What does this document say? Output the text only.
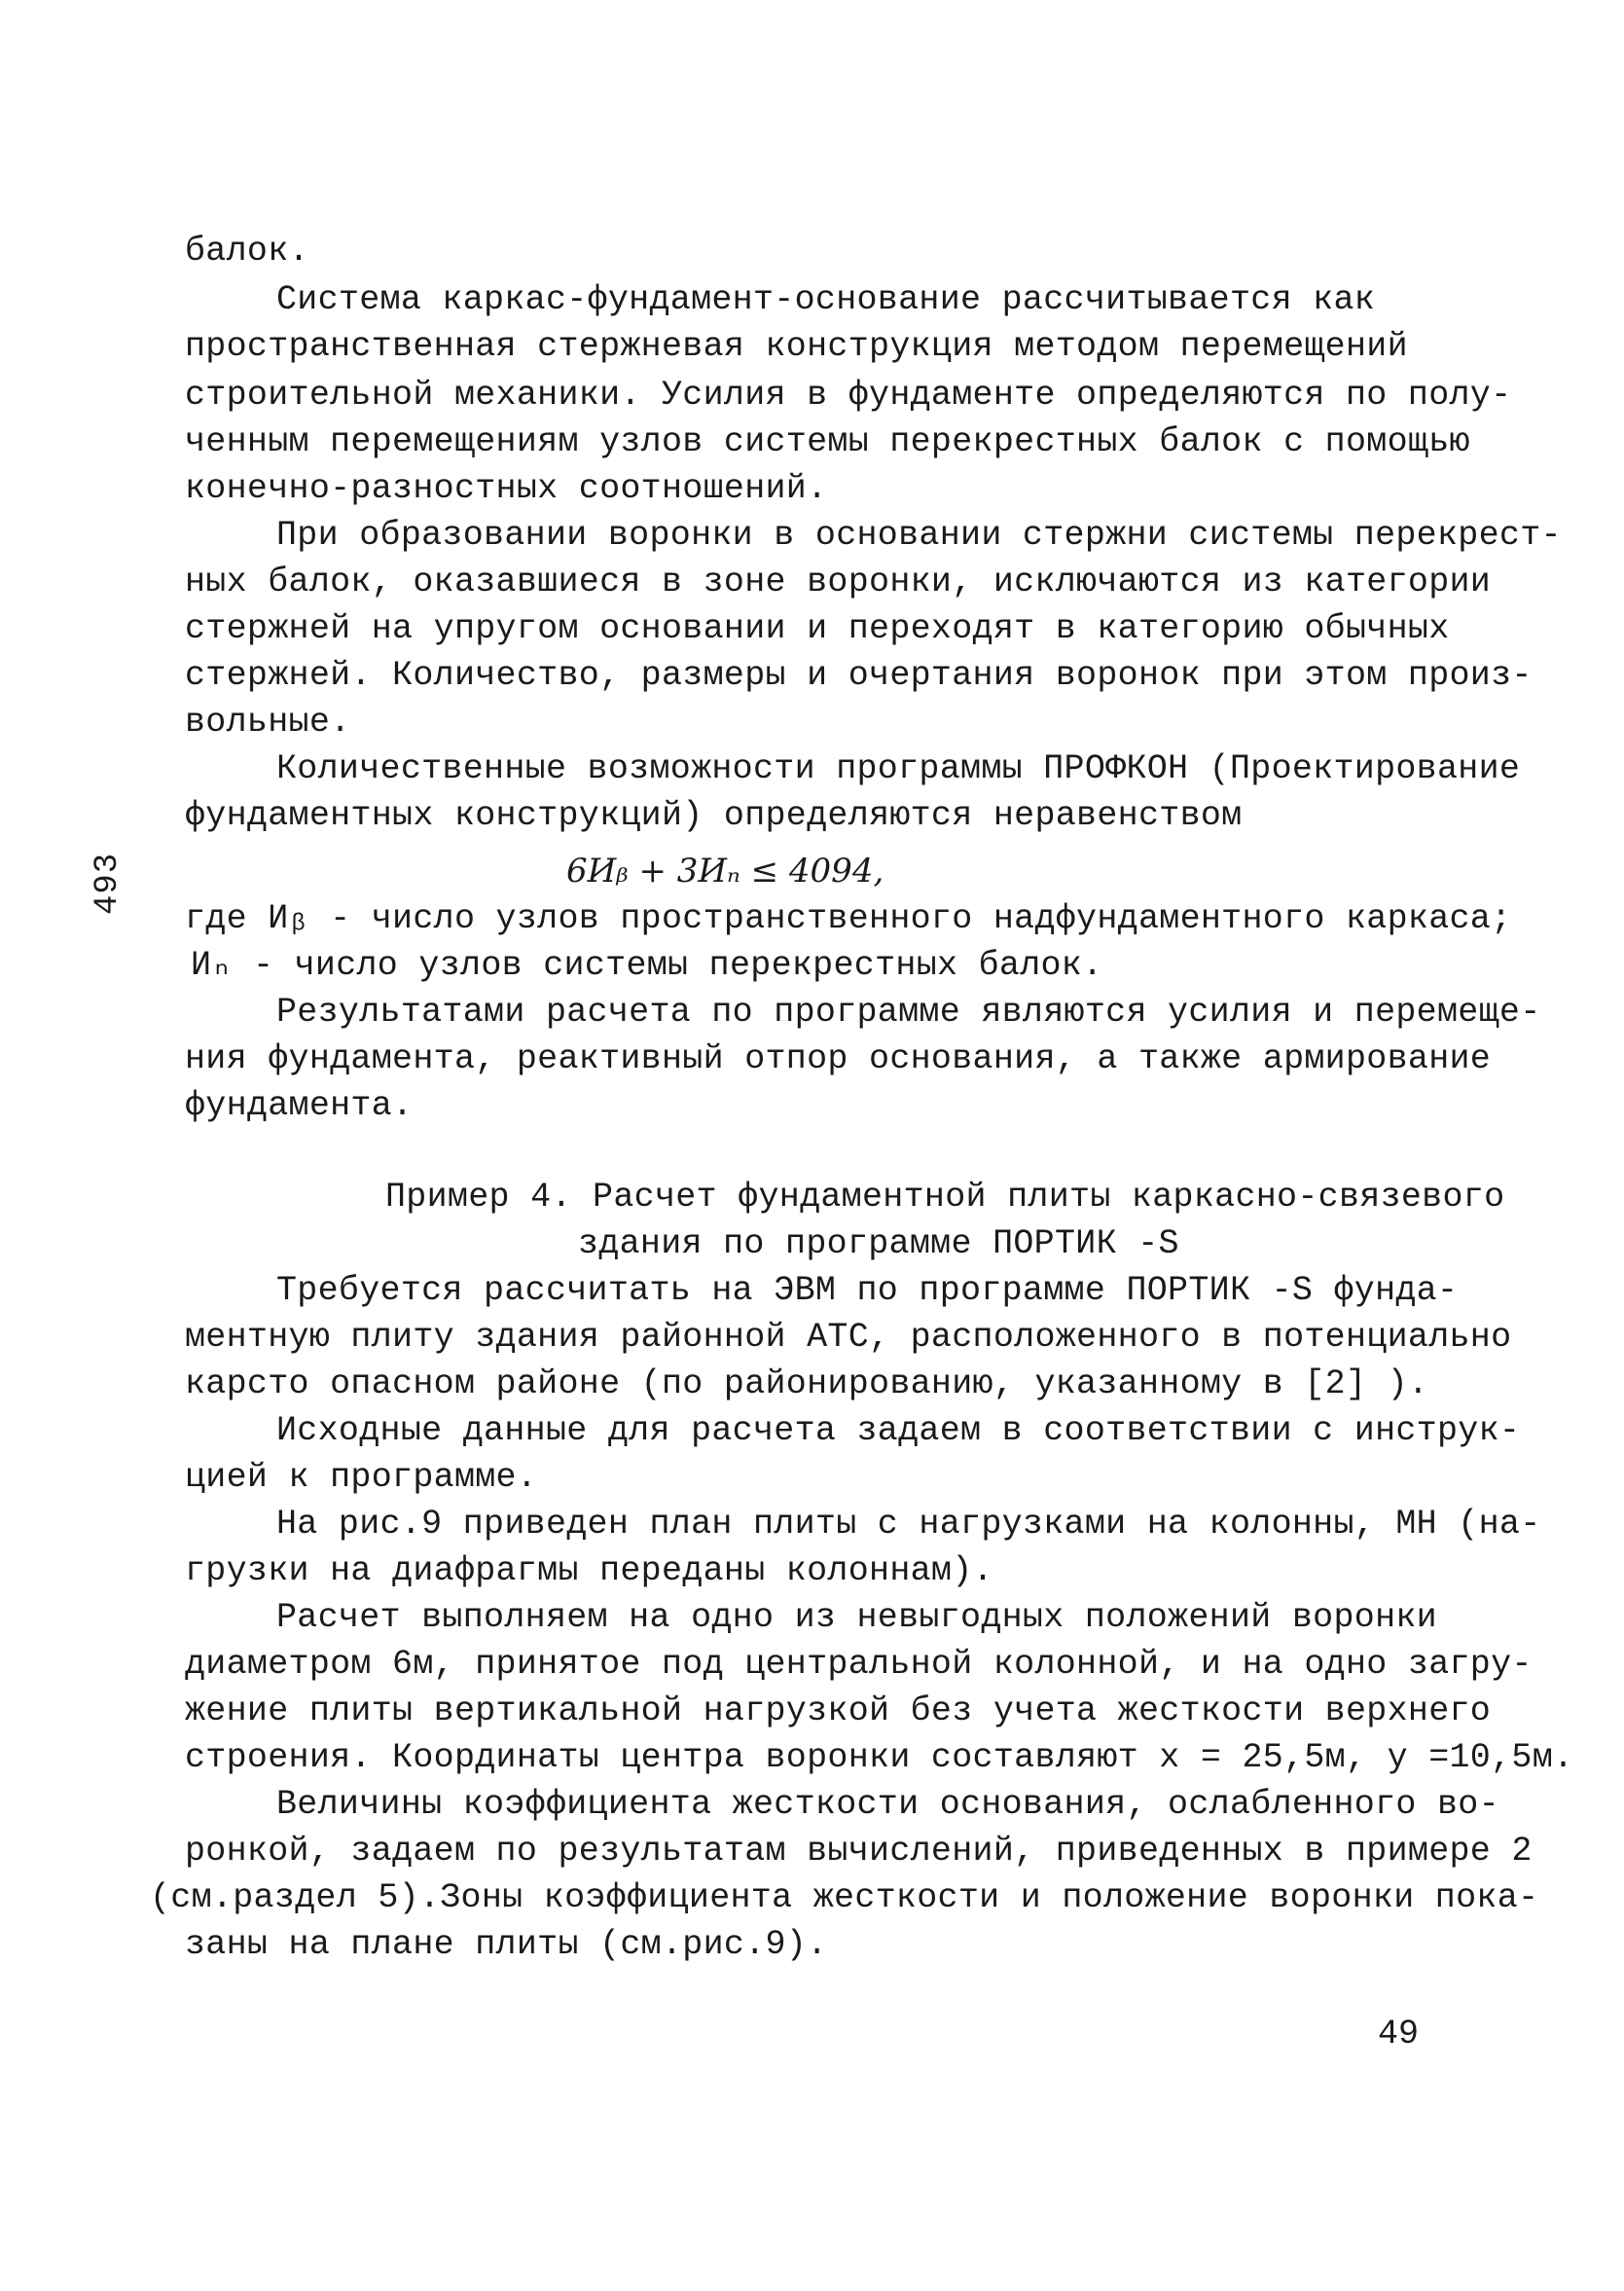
493
балок.
Система каркас-фундамент-основание рассчитывается как
пространственная стержневая конструкция методом перемещений
строительной механики. Усилия в фундаменте определяются по полу-
ченным перемещениям узлов системы перекрестных балок с помощью
конечно-разностных соотношений.
При образовании воронки в основании стержни системы перекрест-
ных балок, оказавшиеся в зоне воронки, исключаются из категории
стержней на упругом основании и переходят в категорию обычных
стержней. Количество, размеры и очертания воронок при этом произ-
вольные.
Количественные возможности программы ПРОФКОН (Проектирование
фундаментных конструкций) определяются неравенством
6Иᵦ + 3Иₙ ≤ 4094,
где Иᵦ - число узлов пространственного надфундаментного каркаса;
Иₙ - число узлов системы перекрестных балок.
Результатами расчета по программе являются усилия и перемеще-
ния фундамента, реактивный отпор основания, а также армирование
фундамента.
Пример 4. Расчет фундаментной плиты каркасно-связевого
здания по программе ПОРТИК -S
Требуется рассчитать на ЭВМ по программе ПОРТИК -S фунда-
ментную плиту здания районной АТС, расположенного в потенциально
карсто опасном районе (по районированию, указанному в [2] ).
Исходные данные для расчета задаем в соответствии с инструк-
цией к программе.
На рис.9 приведен план плиты с нагрузками на колонны, МН (на-
грузки на диафрагмы переданы колоннам).
Расчет выполняем на одно из невыгодных положений воронки
диаметром 6м, принятое под центральной колонной, и на одно загру-
жение плиты вертикальной нагрузкой без учета жесткости верхнего
строения. Координаты центра воронки составляют x = 25,5м, y =10,5м.
Величины коэффициента жесткости основания, ослабленного во-
ронкой, задаем по результатам вычислений, приведенных в примере 2
(см.раздел 5).Зоны коэффициента жесткости и положение воронки пока-
заны на плане плиты (см.рис.9).
49
